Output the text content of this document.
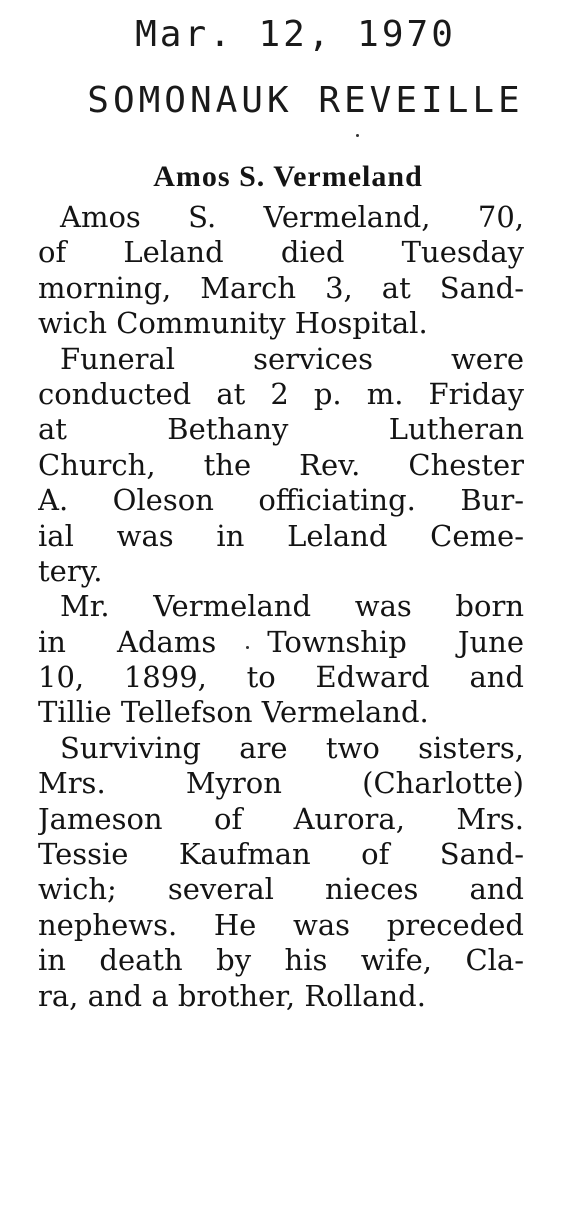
Mar. 12, 1970
SOMONAUK REVEILLE
Amos S. Vermeland
Amos S. Vermeland, 70,
of Leland died Tuesday
morning, March 3, at Sand-
wich Community Hospital.
Funeral services were
conducted at 2 p. m. Friday
at Bethany Lutheran
Church, the Rev. Chester
A. Oleson officiating. Bur-
ial was in Leland Ceme-
tery.
Mr. Vermeland was born
in Adams Township June
10, 1899, to Edward and
Tillie Tellefson Vermeland.
Surviving are two sisters,
Mrs. Myron (Charlotte)
Jameson of Aurora, Mrs.
Tessie Kaufman of Sand-
wich; several nieces and
nephews. He was preceded
in death by his wife, Cla-
ra, and a brother, Rolland.
